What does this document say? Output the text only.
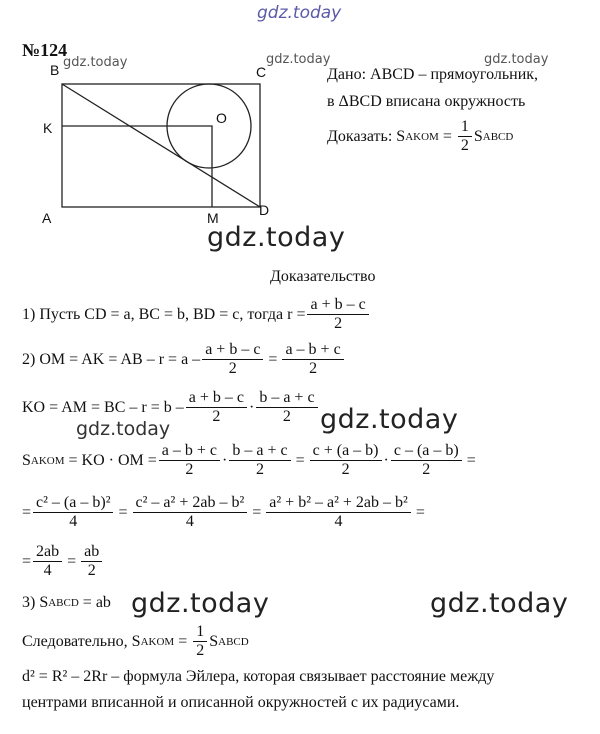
gdz.today
№124
B gdz.today
C
K
O
A	M	D
gdz.today	gdz.today
Дано: ABCD – прямоугольник,
в ΔBCD вписана окружность
Доказать: S AKOM = $\frac{1}{2}$ S ABCD
gdz.today
Доказательство
1) Пусть CD = a, BC = b, BD = c, тогда $r = \frac{a + b - c}{2}$
2) OM = AK = AB – $r = a - \frac{a + b - c}{2} = \frac{a - b + c}{2}$
KO = AM = BC – $r = b - \frac{a + b - c}{2} \cdot \frac{b - a + c}{2}$ gdz.today
gdz.today
S AKOM = KO · OM = $\frac{a - b + c}{2} \cdot \frac{b - a + c}{2} = \frac{c + (a - b)}{2} \cdot \frac{c - (a - b)}{2}$ =
= $\frac{\text{c² – (a – b)²}}{4} = \frac{\text{c² – a² + 2ab – b²}}{4} = \frac{\text{a² + b² – a² + 2ab – b²}}{4}$ =
= $\frac{2ab}{4} = \frac{ab}{2}$
3) S ABCD = ab gdz.today	gdz.today
Следовательно, S AKOM = $\frac{1}{2}$ S ABCD
d² = R² – 2Rr – формула Эйлера, которая связывает расстояние между
центрами вписанной и описанной окружностей с их радиусами.
